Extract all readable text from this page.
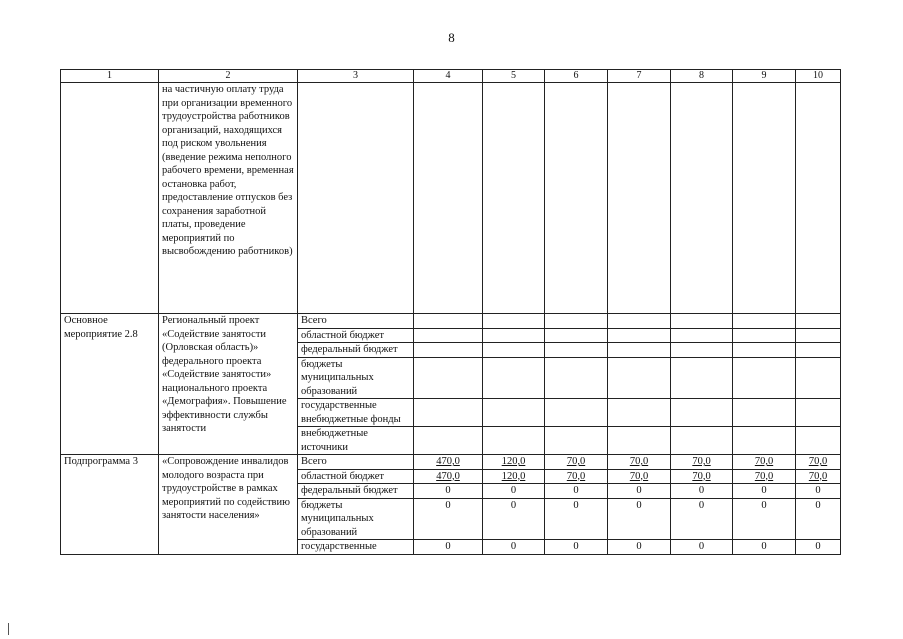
8
1	2	3	4	5	6	7	8	9	10
	на частичную оплату труда при организации временного трудоустройства работников организаций, находящихся под риском увольнения (введение режима неполного рабочего времени, временная остановка работ, предоставление отпусков без сохранения заработной платы, проведение мероприятий по высвобождению работников)								
Основное мероприятие 2.8	Региональный проект «Содействие занятости (Орловская область)» федерального проекта «Содействие занятости» национального проекта «Демография». Повышение эффективности службы занятости	Всего							
		областной бюджет							
		федеральный бюджет							
		бюджеты муниципальных образований							
		государственные внебюджетные фонды							
		внебюджетные источники							
Подпрограмма 3	«Сопровождение инвалидов молодого возраста при трудоустройстве в рамках мероприятий по содействию занятости населения»	Всего	470,0	120,0	70,0	70,0	70,0	70,0	70,0
		областной бюджет	470,0	120,0	70,0	70,0	70,0	70,0	70,0
		федеральный бюджет	0	0	0	0	0	0	0
		бюджеты муниципальных образований	0	0	0	0	0	0	0
		государственные	0	0	0	0	0	0	0
